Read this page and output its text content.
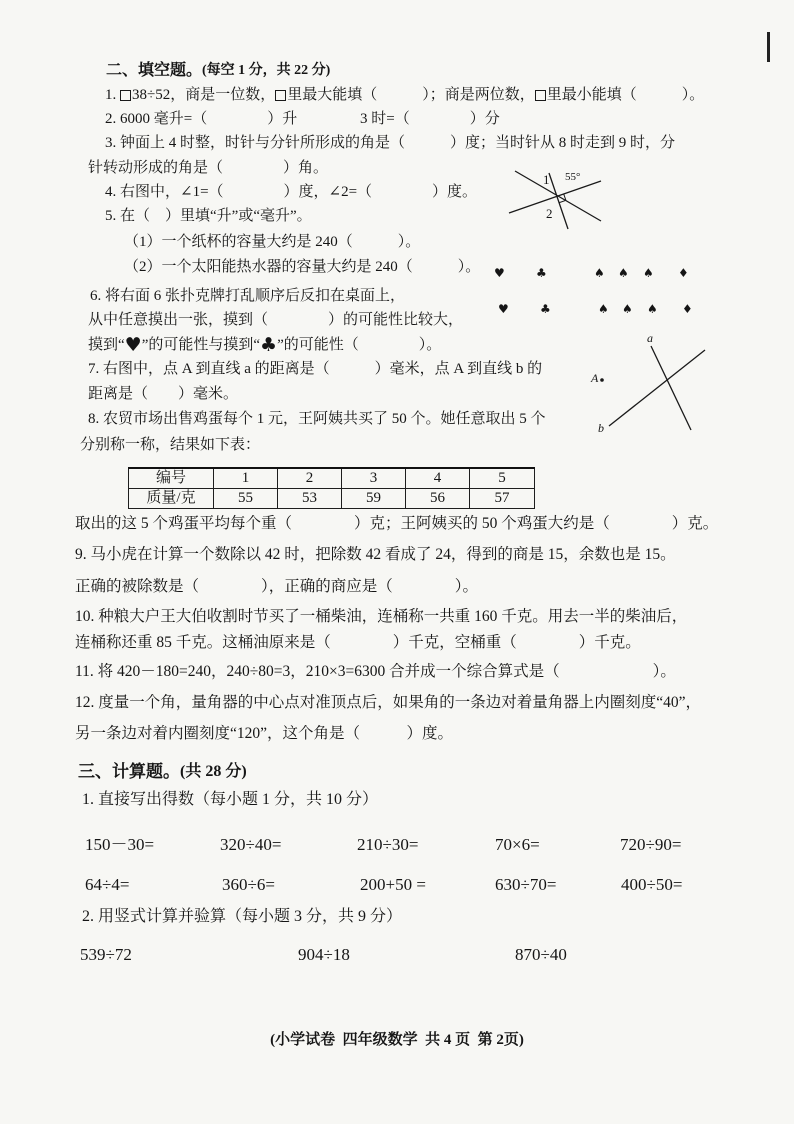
二、填空题。 (每空 1 分，共 22 分)
1. 38÷52，商是一位数， 里最大能填（　　　）；商是两位数， 里最小能填（　　　）。
2. 6000 毫升=（　　　　）升	3 时=（　　　　）分
3. 钟面上 4 时整，时针与分针所形成的角是（　　　）度；当时针从 8 时走到 9 时，分
针转动形成的角是（　　　　）角。
1 55°
2
4. 右图中，∠1=（　　　　）度，∠2=（　　　　）度。
5. 在（　）里填“升”或“毫升”。
（1）一个纸杯的容量大约是 240（　　　）。
（2）一个太阳能热水器的容量大约是 240（　　　）。 ♥
♥
♣
♣
♠
♠
♠
♠
♠
♠
♦
♦
6. 将右面 6 张扑克牌打乱顺序后反扣在桌面上，
从中任意摸出一张，摸到（　　　　）的可能性比较大，
摸到“ ♥ ”的可能性与摸到“ ♣ ”的可能性（　　　　）。	a
b
A
7. 右图中，点 A 到直线 a 的距离是（　　　）毫米，点 A 到直线 b 的
距离是（　　）毫米。
8. 农贸市场出售鸡蛋每个 1 元，王阿姨共买了 50 个。她任意取出 5 个
分别称一称，结果如下表：
编号	1	2	3	4	5
质量/克	55	53	59	56	57
取出的这 5 个鸡蛋平均每个重（　　　　）克；王阿姨买的 50 个鸡蛋大约是（　　　　）克。
9. 马小虎在计算一个数除以 42 时，把除数 42 看成了 24，得到的商是 15，余数也是 15。
正确的被除数是（　　　　），正确的商应是（　　　　）。
10. 种粮大户王大伯收割时节买了一桶柴油，连桶称一共重 160 千克。用去一半的柴油后，
连桶称还重 85 千克。这桶油原来是（　　　　）千克，空桶重（　　　　）千克。
11. 将 420－180=240，240÷80=3，210×3=6300 合并成一个综合算式是（　　　　　　）。
12. 度量一个角，量角器的中心点对准顶点后，如果角的一条边对着量角器上内圈刻度“40”，
另一条边对着内圈刻度“120”，这个角是（　　　）度。
三、计算题。 (共 28 分)
1. 直接写出得数（每小题 1 分，共 10 分）
150－30=	320÷40=	210÷30=	70×6=	720÷90=
64÷4=	360÷6=	200+50 =	630÷70=	400÷50=
2. 用竖式计算并验算（每小题 3 分，共 9 分）
539÷72	904÷18	870÷40
(小学试卷  四年级数学  共 4 页  第 2页)
